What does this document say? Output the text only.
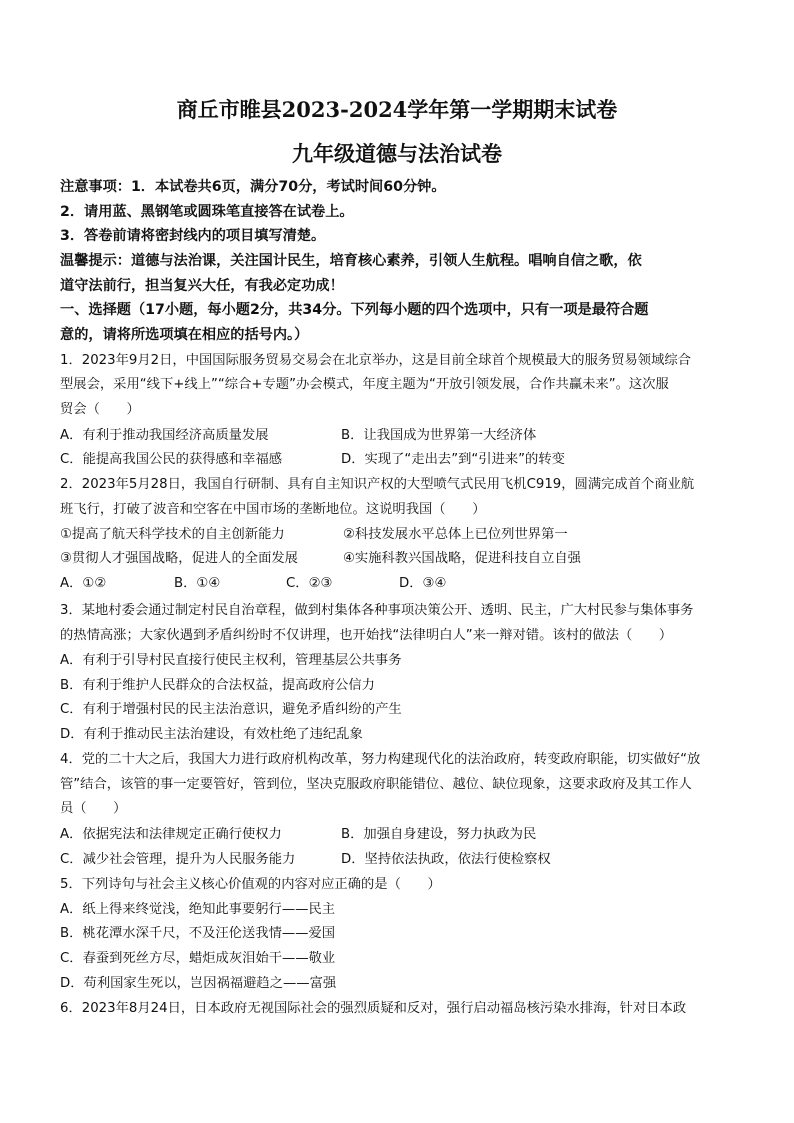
商丘市睢县2023-2024学年第一学期期末试卷
九年级道德与法治试卷
注意事项：1．本试卷共6页，满分70分，考试时间60分钟。
2．请用蓝、黑钢笔或圆珠笔直接答在试卷上。
3．答卷前请将密封线内的项目填写清楚。
温馨提示：道德与法治课，关注国计民生，培育核心素养，引领人生航程。唱响自信之歌，依
道守法前行，担当复兴大任，有我必定功成！
一、选择题（17小题，每小题2分，共34分。下列每小题的四个选项中，只有一项是最符合题
意的，请将所选项填在相应的括号内。）
1．2023年9月2日，中国国际服务贸易交易会在北京举办，这是目前全球首个规模最大的服务贸易领域综合
型展会，采用“线下+线上”“综合+专题”办会模式，年度主题为“开放引领发展，合作共赢未来”。这次服
贸会（　　）
A．有利于推动我国经济高质量发展	B．让我国成为世界第一大经济体
C．能提高我国公民的获得感和幸福感	D．实现了“走出去”到“引进来”的转变
2．2023年5月28日，我国自行研制、具有自主知识产权的大型喷气式民用飞机C919，圆满完成首个商业航
班飞行，打破了波音和空客在中国市场的垄断地位。这说明我国（　　）
①提高了航天科学技术的自主创新能力	②科技发展水平总体上已位列世界第一
③贯彻人才强国战略，促进人的全面发展	④实施科教兴国战略，促进科技自立自强
A．①②	B．①④	C．②③	D．③④
3．某地村委会通过制定村民自治章程，做到村集体各种事项决策公开、透明、民主，广大村民参与集体事务
的热情高涨；大家伙遇到矛盾纠纷时不仅讲理，也开始找“法律明白人”来一辩对错。该村的做法（　　）
A．有利于引导村民直接行使民主权利，管理基层公共事务
B．有利于维护人民群众的合法权益，提高政府公信力
C．有利于增强村民的民主法治意识，避免矛盾纠纷的产生
D．有利于推动民主法治建设，有效杜绝了违纪乱象
4．党的二十大之后，我国大力进行政府机构改革，努力构建现代化的法治政府，转变政府职能，切实做好“放
管”结合，该管的事一定要管好，管到位，坚决克服政府职能错位、越位、缺位现象，这要求政府及其工作人
员（　　）
A．依据宪法和法律规定正确行使权力	B．加强自身建设，努力执政为民
C．减少社会管理，提升为人民服务能力	D．坚持依法执政，依法行使检察权
5．下列诗句与社会主义核心价值观的内容对应正确的是（　　）
A．纸上得来终觉浅，绝知此事要躬行——民主
B．桃花潭水深千尺，不及汪伦送我情——爱国
C．春蚕到死丝方尽，蜡炬成灰泪始干——敬业
D．苟利国家生死以，岂因祸福避趋之——富强
6．2023年8月24日，日本政府无视国际社会的强烈质疑和反对，强行启动福岛核污染水排海，针对日本政
